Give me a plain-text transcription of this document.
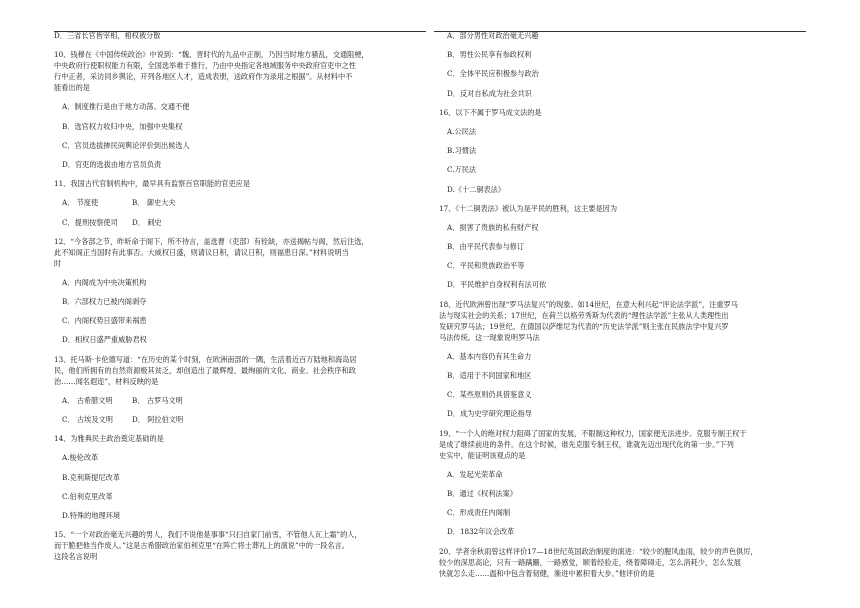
D．三省长官皆宰相，相权被分散
10、钱穆在《中国传统政治》中说到：“魏、晋时代的九品中正制，乃因当时地方骚乱，交通阻梗，
中央政府行使职权能力有限，全国选举难于推行，乃由中央指定各地域服务中央政府官吏中之性
行中正者，采访同乡舆论，开列各地区人才，造成表册，送政府作为录用之根据”。从材料中不
能看出的是
A．制度推行是由于地方动荡、交通不便
B．选官权力收归中央，加强中央集权
C．官员选拔掺民间舆论评价到出候选人
D．官吏的选拔由地方官员负责
11、我国古代官制机构中，最早具有监察百官职能的官吏应是
A． 节度使	B． 御史大夫
C．提刑按察使司 D． 刺史
12、“今各部之节，昨昕命于阁下，所不待言，盖选曹（吏部）有铨缺，亦送揭帖与阁，然后注选，
此不知阁正当国时有此事否。大威权日盛，则请议日积，请议日积，则福患日深。”材料说明当
时
A．内阁成为中央决策机构
B．六部权力已被内阁剥夺
C．内阁权势日盛带来祸患
D．相权日盛严重威胁君权
13、托马斯·卡伦德写道：“在历史的某个时刻，在欧洲南部的一隅，生活着近百万陆地和海岛居
民，他们所拥有的自然资源极其贫乏，却创造出了最辉煌、最绚丽的文化、商业、社会秩序和政
治……闻名遐迩”，材料反映的是
A． 古希腊文明	B． 古罗马文明
C． 古埃及文明	D． 阿拉伯文明
14、为雅典民主政治奠定基础的是
A.梭伦改革
B.克利斯提尼改革
C.伯利克里改革
D.特殊的地理环境
15、“一个对政治毫无兴趣的男人，我们不说他是事事“只扫自家门前雪，不管他人瓦上霜”的人，
而干脆把他当作废人。”这是古希腊政治家伯利克里“在阵亡将士葬礼上的演说”中的一段名言。
这段名言说明
A．部分男性对政治毫无兴趣
B．男性公民享有参政权利
C．全体平民应积极参与政治
D．反对自私成为社会共识
16、以下不属于罗马成文法的是
A.公民法
B.习惯法
C.万民法
D.《十二铜表法》
17、《十二铜表法》被认为是平民的胜利，这主要是因为
A．损害了贵族的私有财产权
B．由平民代表参与修订
C．平民和贵族政治平等
D．平民维护自身权利有法可依
18、近代欧洲曾出现“罗马法复兴”的现象。如14世纪，在意大利兴起“评论法学派”，注重罗马
法与现实社会的关系；17世纪，在荷兰以格劳秀斯为代表的“理性法学派”主张从人类理性出
发研究罗马法；19世纪，在德国以萨维尼为代表的“历史法学派”则主张在民族法学中复兴罗
马法传统。这一现象说明罗马法
A．基本内容仍有其生命力
B．适用于不同国家和地区
C．某些原则仍具借鉴意义
D．成为史学研究理论指导
19、“一个人的绝对权力阻碍了国家的发展，不限制这种权力，国家便无法进步。克服专制王权于
是成了继续前进的条件。在这个时候，谁先克服专制王权，谁就先迈出现代化的第一步。”下列
史实中，能证明该观点的是
A．发起光荣革命
B．通过《权利法案》
C．形成责任内阁制
D．1832年议会改革
20、学者余秋雨曾这样评价17—18世纪英国政治制度的演进：“较少的腥风血雨，较少的声色俱厉，
较少的深思高论，只有一路蹒跚，一路感觉，顺着经验走，绕着障碍走，怎么消耗少，怎么发展
快就怎么走……温和中包含着韧健，渐进中累积着大步。”他评价的是
